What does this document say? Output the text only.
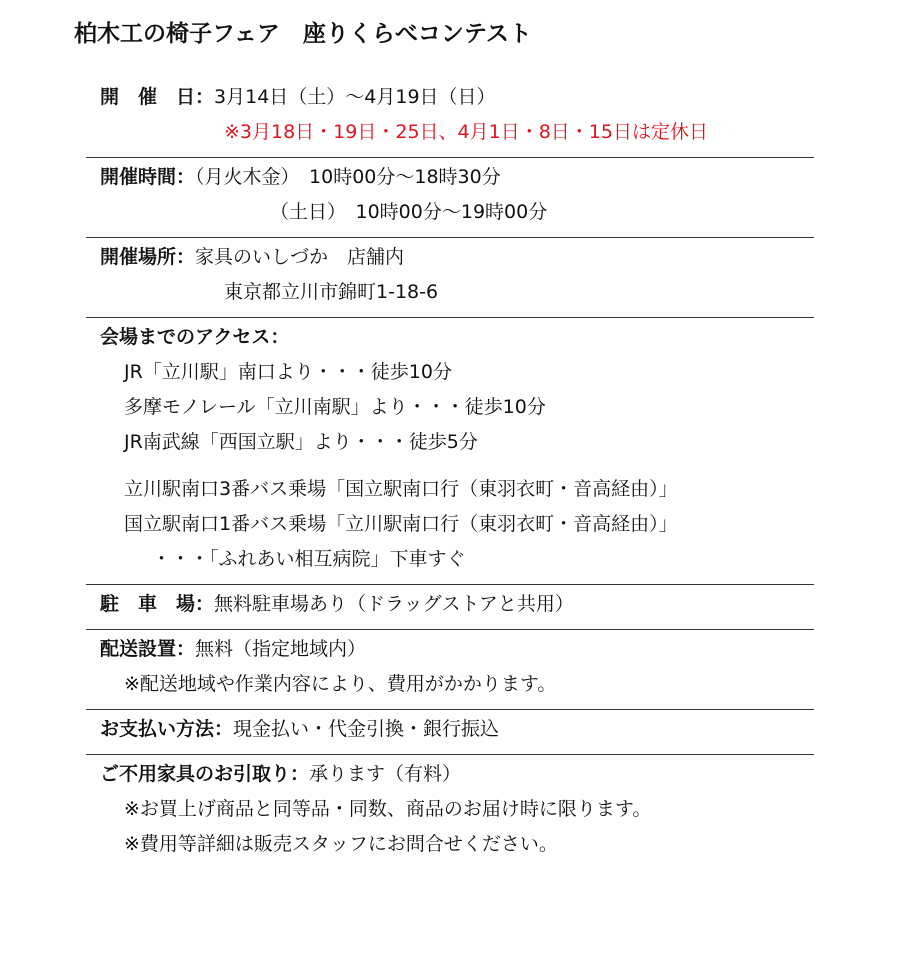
柏木工の椅子フェア　座りくらべコンテスト
開　催　日：3月14日（土）～4月19日（日）
※3月18日・19日・25日、4月1日・8日・15日は定休日
開催時間：（月火木金）　10時00分～18時30分
（土日）　10時00分～19時00分
開催場所：家具のいしづか　店舗内
東京都立川市錦町1-18-6
会場までのアクセス：
JR「立川駅」南口より・・・徒歩10分
多摩モノレール「立川南駅」より・・・徒歩10分
JR南武線「西国立駅」より・・・徒歩5分
立川駅南口3番バス乗場「国立駅南口行（東羽衣町・音高経由）」
国立駅南口1番バス乗場「立川駅南口行（東羽衣町・音高経由）」
・・・「ふれあい相互病院」下車すぐ
駐　車　場：無料駐車場あり（ドラッグストアと共用）
配送設置：無料（指定地域内）
※配送地域や作業内容により、費用がかかります。
お支払い方法：現金払い・代金引換・銀行振込
ご不用家具のお引取り：承ります（有料）
※お買上げ商品と同等品・同数、商品のお届け時に限ります。
※費用等詳細は販売スタッフにお問合せください。
